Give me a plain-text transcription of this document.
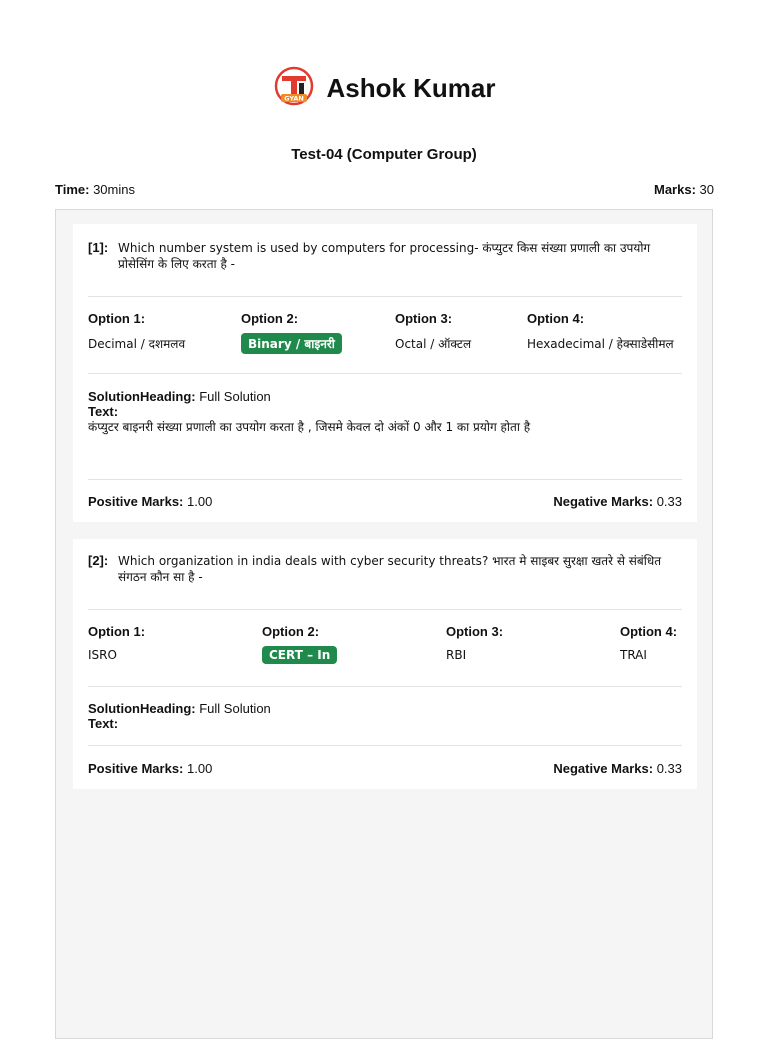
GYAN Ashok Kumar
Test-04 (Computer Group)
Time: 30mins	Marks: 30
[1]: Which number system is used by computers for processing- कंप्युटर किस संख्या प्रणाली का उपयोग प्रोसेसिंग के लिए करता है -
Option 1:
Decimal / दशमलव
Option 2:
Binary / बाइनरी
Option 3:
Octal / ऑक्टल
Option 4:
Hexadecimal / हेक्साडेसीमल
SolutionHeading: Full Solution
Text:
कंप्युटर बाइनरी संख्या प्रणाली का उपयोग करता है , जिसमे केवल दो अंकों 0 और 1 का प्रयोग होता है
Positive Marks: 1.00	Negative Marks: 0.33
[2]: Which organization in india deals with cyber security threats? भारत मे साइबर सुरक्षा खतरे से संबंधित संगठन कौन सा है -
Option 1:
ISRO
Option 2:
CERT – In
Option 3:
RBI
Option 4:
TRAI
SolutionHeading: Full Solution
Text:
Positive Marks: 1.00	Negative Marks: 0.33
